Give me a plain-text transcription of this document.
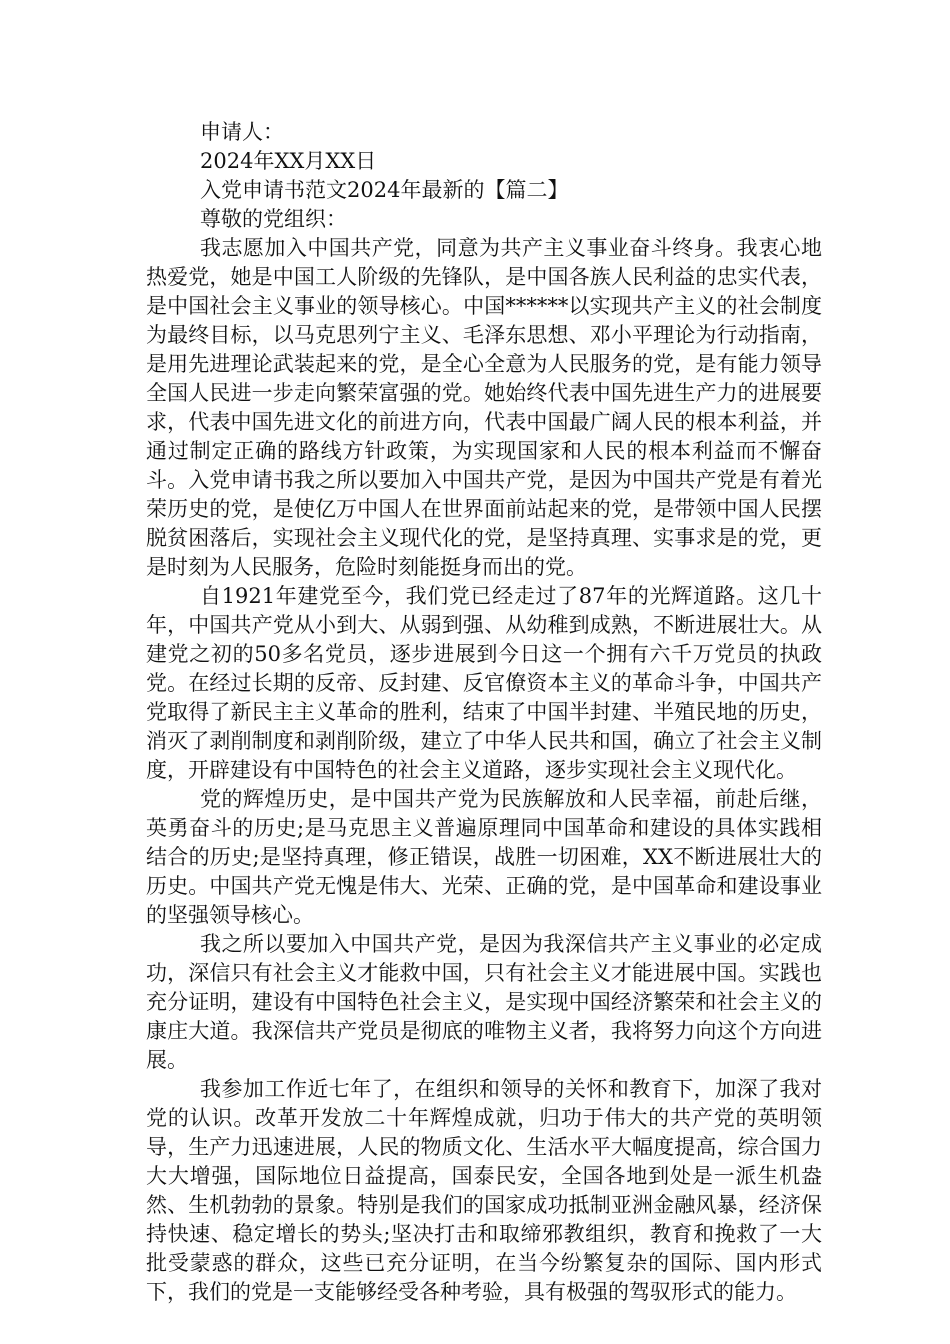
申请人：

2024年XX月XX日

入党申请书范文2024年最新的【篇二】

尊敬的党组织：

我志愿加入中国共产党，同意为共产主义事业奋斗终身。我衷心地热爱党，她是中国工人阶级的先锋队，是中国各族人民利益的忠实代表，是中国社会主义事业的领导核心。中国******以实现共产主义的社会制度为最终目标，以马克思列宁主义、毛泽东思想、邓小平理论为行动指南，是用先进理论武装起来的党，是全心全意为人民服务的党，是有能力领导全国人民进一步走向繁荣富强的党。她始终代表中国先进生产力的进展要求，代表中国先进文化的前进方向，代表中国最广阔人民的根本利益，并通过制定正确的路线方针政策，为实现国家和人民的根本利益而不懈奋斗。入党申请书我之所以要加入中国共产党，是因为中国共产党是有着光荣历史的党，是使亿万中国人在世界面前站起来的党，是带领中国人民摆脱贫困落后，实现社会主义现代化的党，是坚持真理、实事求是的党，更是时刻为人民服务，危险时刻能挺身而出的党。

自1921年建党至今，我们党已经走过了87年的光辉道路。这几十年，中国共产党从小到大、从弱到强、从幼稚到成熟，不断进展壮大。从建党之初的50多名党员，逐步进展到今日这一个拥有六千万党员的执政党。在经过长期的反帝、反封建、反官僚资本主义的革命斗争，中国共产党取得了新民主主义革命的胜利，结束了中国半封建、半殖民地的历史，消灭了剥削制度和剥削阶级，建立了中华人民共和国，确立了社会主义制度，开辟建设有中国特色的社会主义道路，逐步实现社会主义现代化。

党的辉煌历史，是中国共产党为民族解放和人民幸福，前赴后继，英勇奋斗的历史;是马克思主义普遍原理同中国革命和建设的具体实践相结合的历史;是坚持真理，修正错误，战胜一切困难，XX不断进展壮大的历史。中国共产党无愧是伟大、光荣、正确的党，是中国革命和建设事业的坚强领导核心。

我之所以要加入中国共产党，是因为我深信共产主义事业的必定成功，深信只有社会主义才能救中国，只有社会主义才能进展中国。实践也充分证明，建设有中国特色社会主义，是实现中国经济繁荣和社会主义的康庄大道。我深信共产党员是彻底的唯物主义者，我将努力向这个方向进展。

我参加工作近七年了，在组织和领导的关怀和教育下，加深了我对党的认识。改革开发放二十年辉煌成就，归功于伟大的共产党的英明领导，生产力迅速进展，人民的物质文化、生活水平大幅度提高，综合国力大大增强，国际地位日益提高，国泰民安，全国各地到处是一派生机盎然、生机勃勃的景象。特别是我们的国家成功抵制亚洲金融风暴，经济保持快速、稳定增长的势头;坚决打击和取缔邪教组织，教育和挽救了一大批受蒙惑的群众，这些已充分证明，在当今纷繁复杂的国际、国内形式下，我们的党是一支能够经受各种考验，具有极强的驾驭形式的能力。
